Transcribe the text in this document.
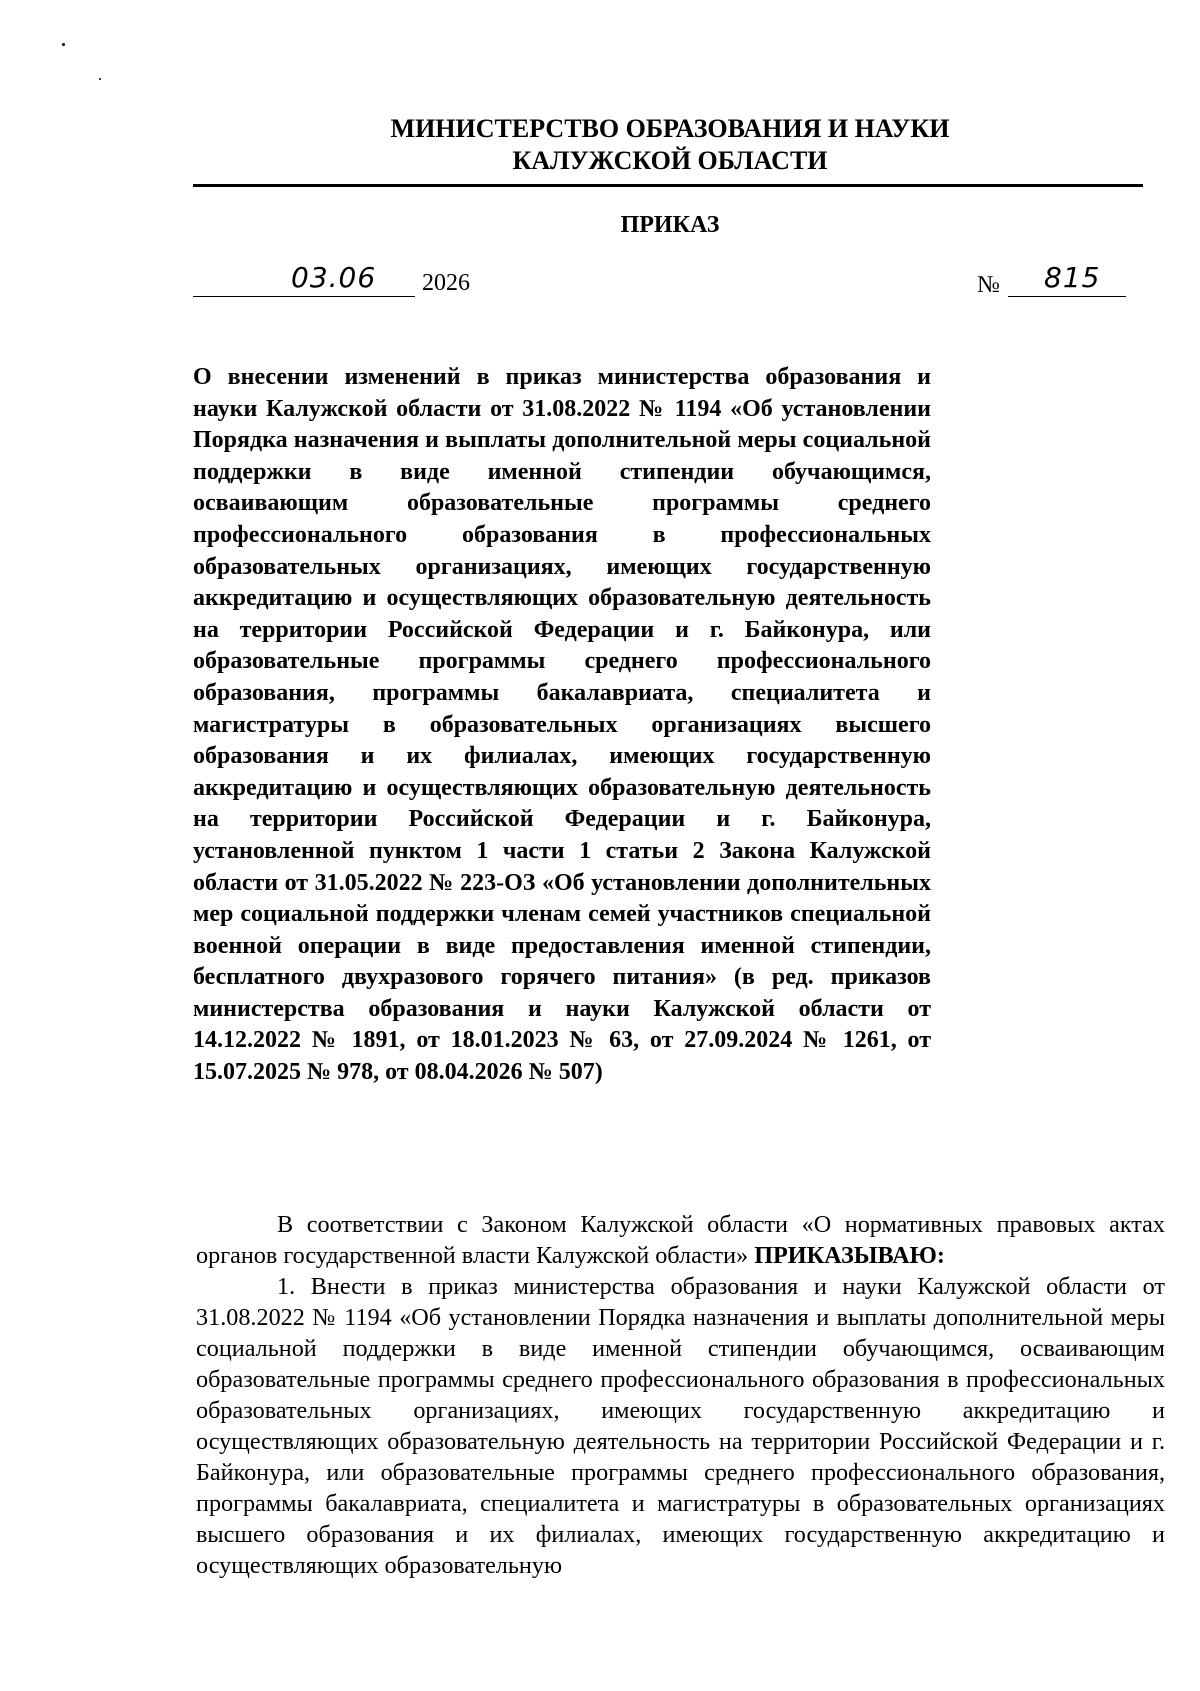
МИНИСТЕРСТВО ОБРАЗОВАНИЯ И НАУКИ
КАЛУЖСКОЙ ОБЛАСТИ
ПРИКАЗ
03.06 2026	№ 815
О внесении изменений в приказ министерства образования и науки Калужской области от 31.08.2022 № 1194 «Об установлении Порядка назначения и выплаты дополнительной меры социальной поддержки в виде именной стипендии обучающимся, осваивающим образовательные программы среднего профессионального образования в профессиональных образовательных организациях, имеющих государственную аккредитацию и осуществляющих образовательную деятельность на территории Российской Федерации и г. Байконура, или образовательные программы среднего профессионального образования, программы бакалавриата, специалитета и магистратуры в образовательных организациях высшего образования и их филиалах, имеющих государственную аккредитацию и осуществляющих образовательную деятельность на территории Российской Федерации и г. Байконура, установленной пунктом 1 части 1 статьи 2 Закона Калужской области от 31.05.2022 № 223-ОЗ «Об установлении дополнительных мер социальной поддержки членам семей участников специальной военной операции в виде предоставления именной стипендии, бесплатного двухразового горячего питания» (в ред. приказов министерства образования и науки Калужской области от 14.12.2022 № 1891, от 18.01.2023 № 63, от 27.09.2024 № 1261, от 15.07.2025 № 978, от 08.04.2026 № 507)

В соответствии с Законом Калужской области «О нормативных правовых актах органов государственной власти Калужской области» ПРИКАЗЫВАЮ:

1. Внести в приказ министерства образования и науки Калужской области от 31.08.2022 № 1194 «Об установлении Порядка назначения и выплаты дополнительной меры социальной поддержки в виде именной стипендии обучающимся, осваивающим образовательные программы среднего профессионального образования в профессиональных образовательных организациях, имеющих государственную аккредитацию и осуществляющих образовательную деятельность на территории Российской Федерации и г. Байконура, или образовательные программы среднего профессионального образования, программы бакалавриата, специалитета и магистратуры в образовательных организациях высшего образования и их филиалах, имеющих государственную аккредитацию и осуществляющих образовательную
